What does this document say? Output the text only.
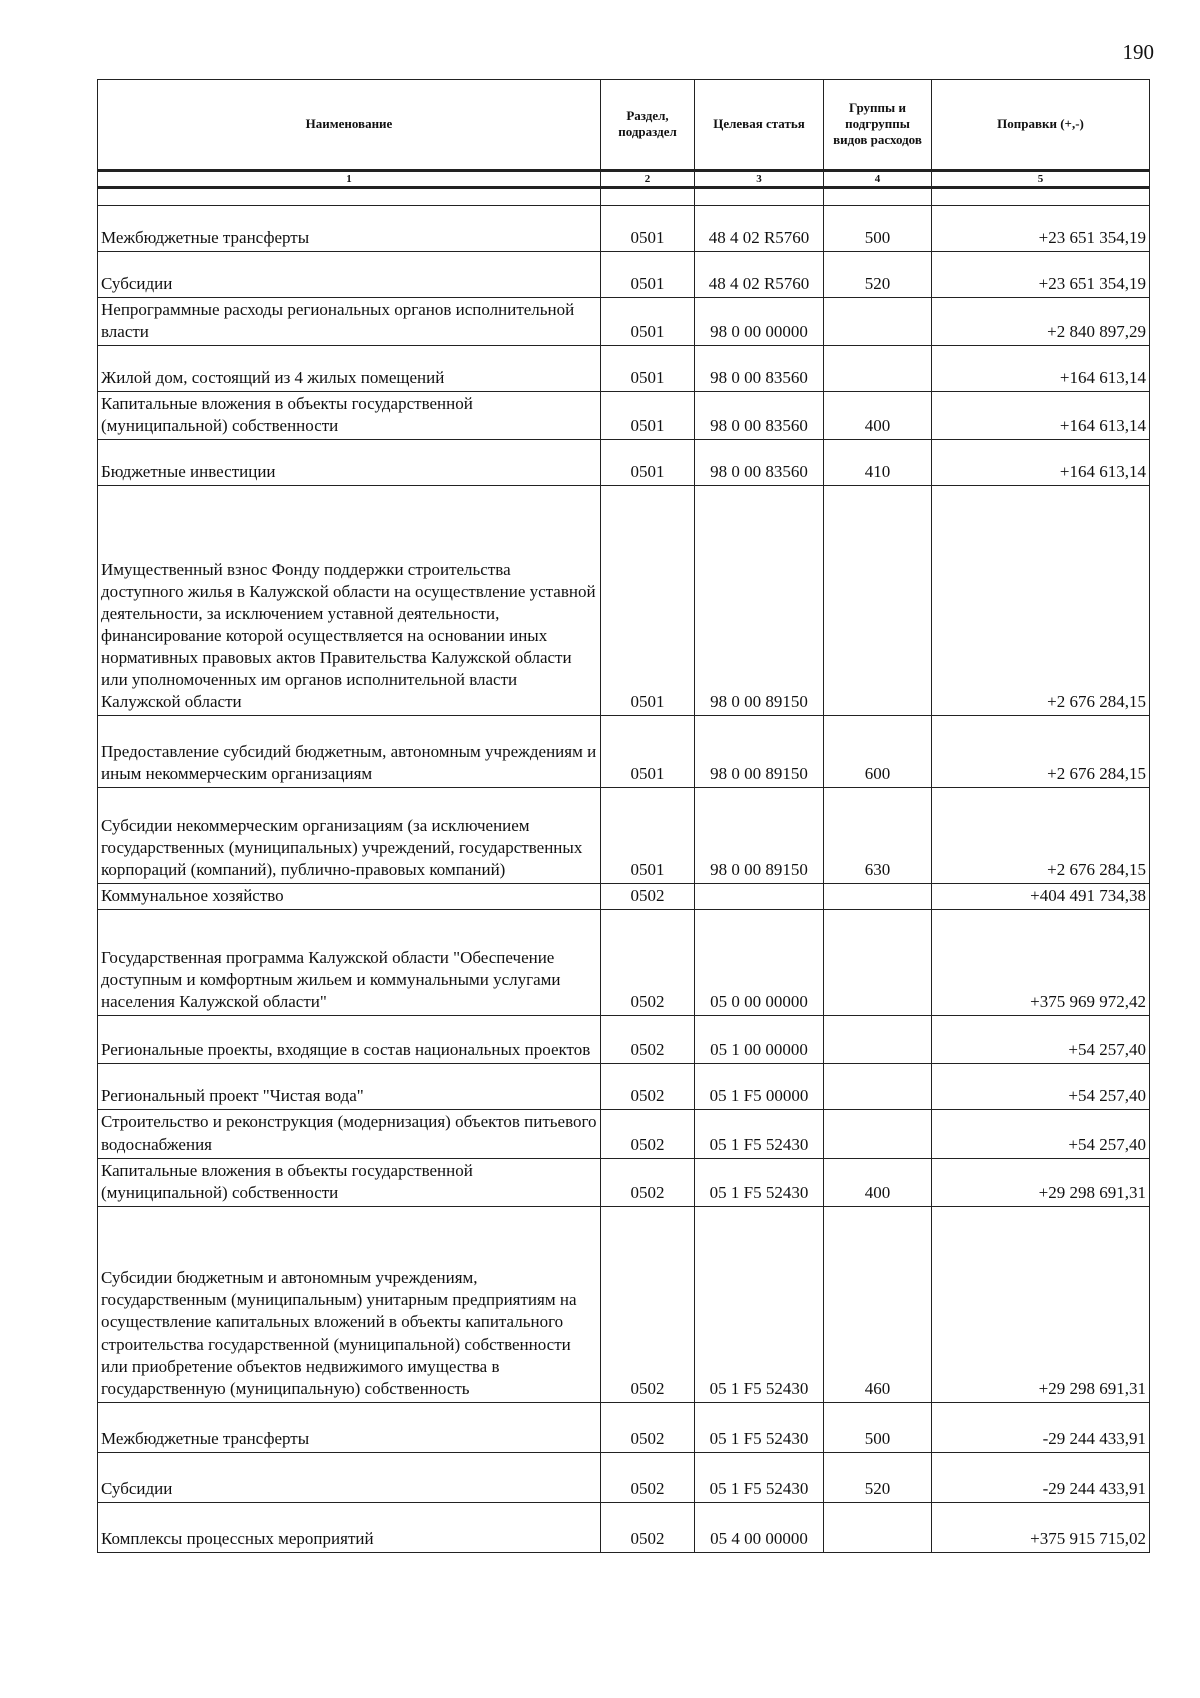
190
Наименование	Раздел, подраздел	Целевая статья	Группы и подгруппы видов расходов	Поправки (+,-)
1	2	3	4	5

Межбюджетные трансферты	0501	48 4 02 R5760	500	+23 651 354,19
Субсидии	0501	48 4 02 R5760	520	+23 651 354,19
Непрограммные расходы региональных органов исполнительной власти	0501	98 0 00 00000		+2 840 897,29
Жилой дом, состоящий из 4 жилых помещений	0501	98 0 00 83560		+164 613,14
Капитальные вложения в объекты государственной (муниципальной) собственности	0501	98 0 00 83560	400	+164 613,14
Бюджетные инвестиции	0501	98 0 00 83560	410	+164 613,14
Имущественный взнос Фонду поддержки строительства доступного жилья в Калужской области на осуществление уставной деятельности, за исключением уставной деятельности, финансирование которой осуществляется на основании иных нормативных правовых актов Правительства Калужской области или уполномоченных им органов исполнительной власти Калужской области	0501	98 0 00 89150		+2 676 284,15
Предоставление субсидий бюджетным, автономным учреждениям и иным некоммерческим организациям	0501	98 0 00 89150	600	+2 676 284,15
Субсидии некоммерческим организациям (за исключением государственных (муниципальных) учреждений, государственных корпораций (компаний), публично-правовых компаний)	0501	98 0 00 89150	630	+2 676 284,15
Коммунальное хозяйство	0502			+404 491 734,38
Государственная программа Калужской области "Обеспечение доступным и комфортным жильем и коммунальными услугами населения Калужской области"	0502	05 0 00 00000		+375 969 972,42
Региональные проекты, входящие в состав национальных проектов	0502	05 1 00 00000		+54 257,40
Региональный проект "Чистая вода"	0502	05 1 F5 00000		+54 257,40
Строительство и реконструкция (модернизация) объектов питьевого водоснабжения	0502	05 1 F5 52430		+54 257,40
Капитальные вложения в объекты государственной (муниципальной) собственности	0502	05 1 F5 52430	400	+29 298 691,31
Субсидии бюджетным и автономным учреждениям, государственным (муниципальным) унитарным предприятиям на осуществление капитальных вложений в объекты капитального строительства государственной (муниципальной) собственности или приобретение объектов недвижимого имущества в государственную (муниципальную) собственность	0502	05 1 F5 52430	460	+29 298 691,31
Межбюджетные трансферты	0502	05 1 F5 52430	500	-29 244 433,91
Субсидии	0502	05 1 F5 52430	520	-29 244 433,91
Комплексы процессных мероприятий	0502	05 4 00 00000		+375 915 715,02
